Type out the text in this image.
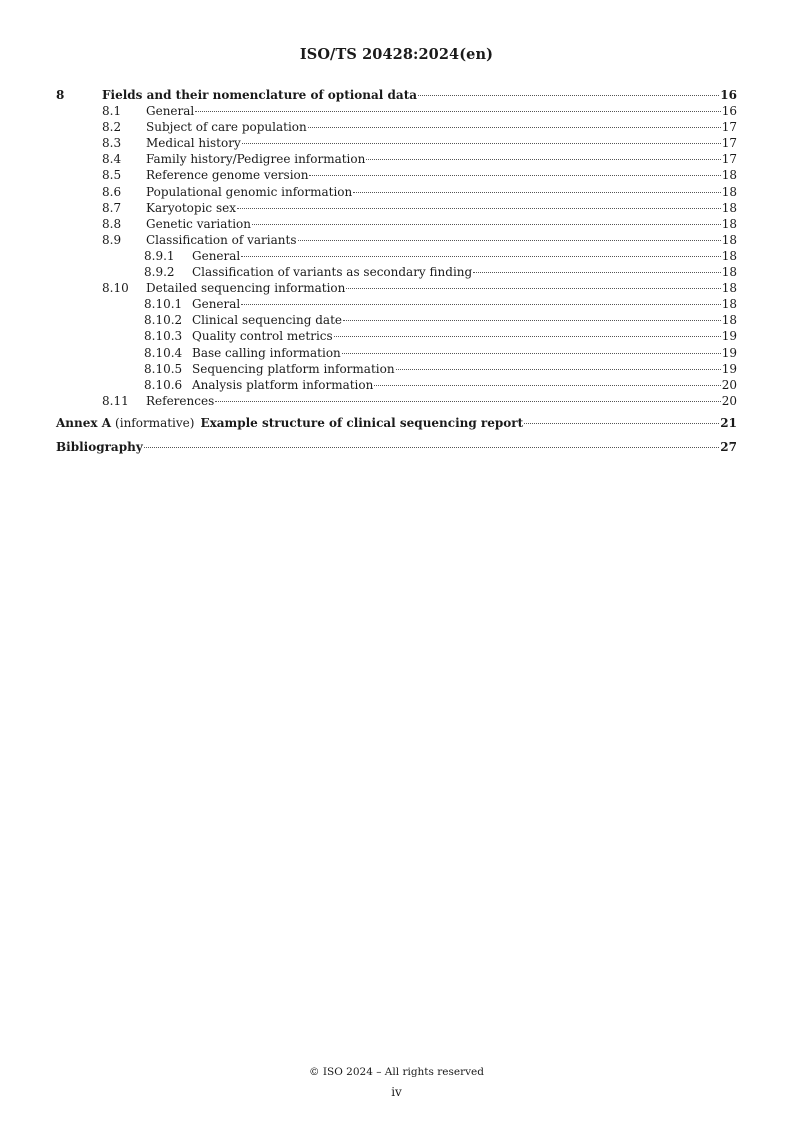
ISO/TS 20428:2024(en)
8	Fields and their nomenclature of optional data	16
8.1	General	16
8.2	Subject of care population	17
8.3	Medical history	17
8.4	Family history/Pedigree information	17
8.5	Reference genome version	18
8.6	Populational genomic information	18
8.7	Karyotopic sex	18
8.8	Genetic variation	18
8.9	Classification of variants	18
8.9.1	General	18
8.9.2	Classification of variants as secondary finding	18
8.10	Detailed sequencing information	18
8.10.1 General	18
8.10.2 Clinical sequencing date	18
8.10.3 Quality control metrics	19
8.10.4 Base calling information	19
8.10.5 Sequencing platform information	19
8.10.6 Analysis platform information	20
8.11	References	20
Annex A (informative) Example structure of clinical sequencing report	21
Bibliography	27
© ISO 2024 – All rights reserved
iv
